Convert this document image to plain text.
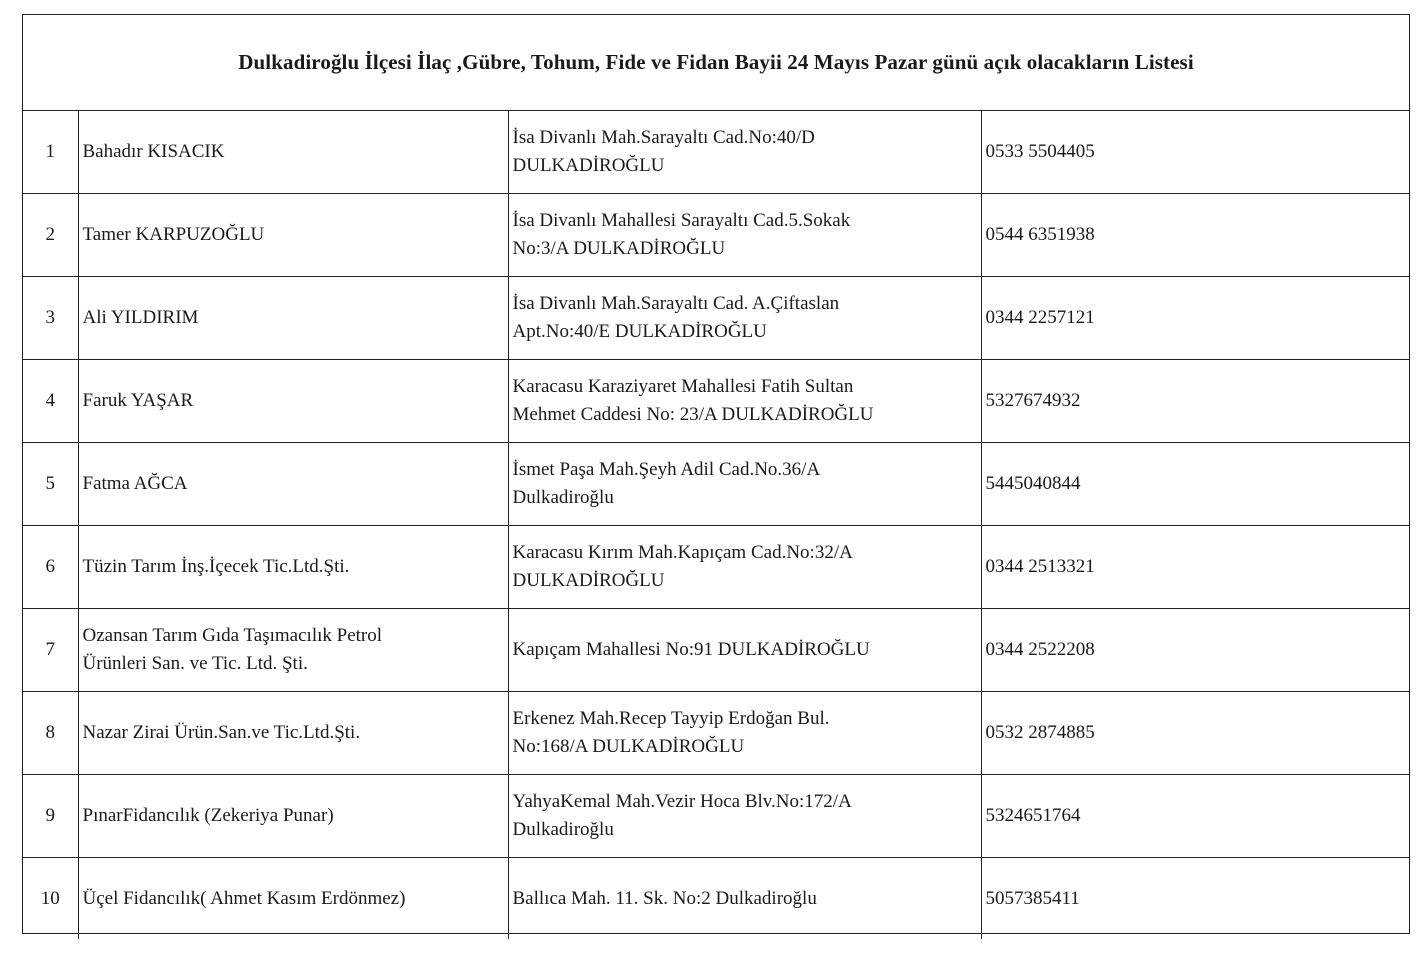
Dulkadiroğlu İlçesi İlaç ,Gübre, Tohum, Fide ve Fidan Bayii 24 Mayıs Pazar günü açık olacakların Listesi
1	Bahadır KISACIK	İsa Divanlı Mah.Sarayaltı Cad.No:40/D
DULKADİROĞLU	0533 5504405
2	Tamer KARPUZOĞLU	İsa Divanlı Mahallesi Sarayaltı Cad.5.Sokak
No:3/A DULKADİROĞLU	0544 6351938
3	Ali YILDIRIM	İsa Divanlı Mah.Sarayaltı Cad. A.Çiftaslan
Apt.No:40/E DULKADİROĞLU	0344 2257121
4	Faruk YAŞAR	Karacasu Karaziyaret Mahallesi Fatih Sultan
Mehmet Caddesi No: 23/A DULKADİROĞLU	5327674932
5	Fatma AĞCA	İsmet Paşa Mah.Şeyh Adil Cad.No.36/A
Dulkadiroğlu	5445040844
6	Tüzin Tarım İnş.İçecek Tic.Ltd.Şti.	Karacasu Kırım Mah.Kapıçam Cad.No:32/A
DULKADİROĞLU	0344 2513321
7	Ozansan Tarım Gıda Taşımacılık Petrol
Ürünleri San. ve Tic. Ltd. Şti.	Kapıçam Mahallesi No:91 DULKADİROĞLU	0344 2522208
8	Nazar Zirai Ürün.San.ve Tic.Ltd.Şti.	Erkenez Mah.Recep Tayyip Erdoğan Bul.
No:168/A DULKADİROĞLU	0532 2874885
9	PınarFidancılık (Zekeriya Punar)	YahyaKemal Mah.Vezir Hoca Blv.No:172/A
Dulkadiroğlu	5324651764
10	Üçel Fidancılık( Ahmet Kasım Erdönmez)	Ballıca Mah. 11. Sk. No:2 Dulkadiroğlu	5057385411
